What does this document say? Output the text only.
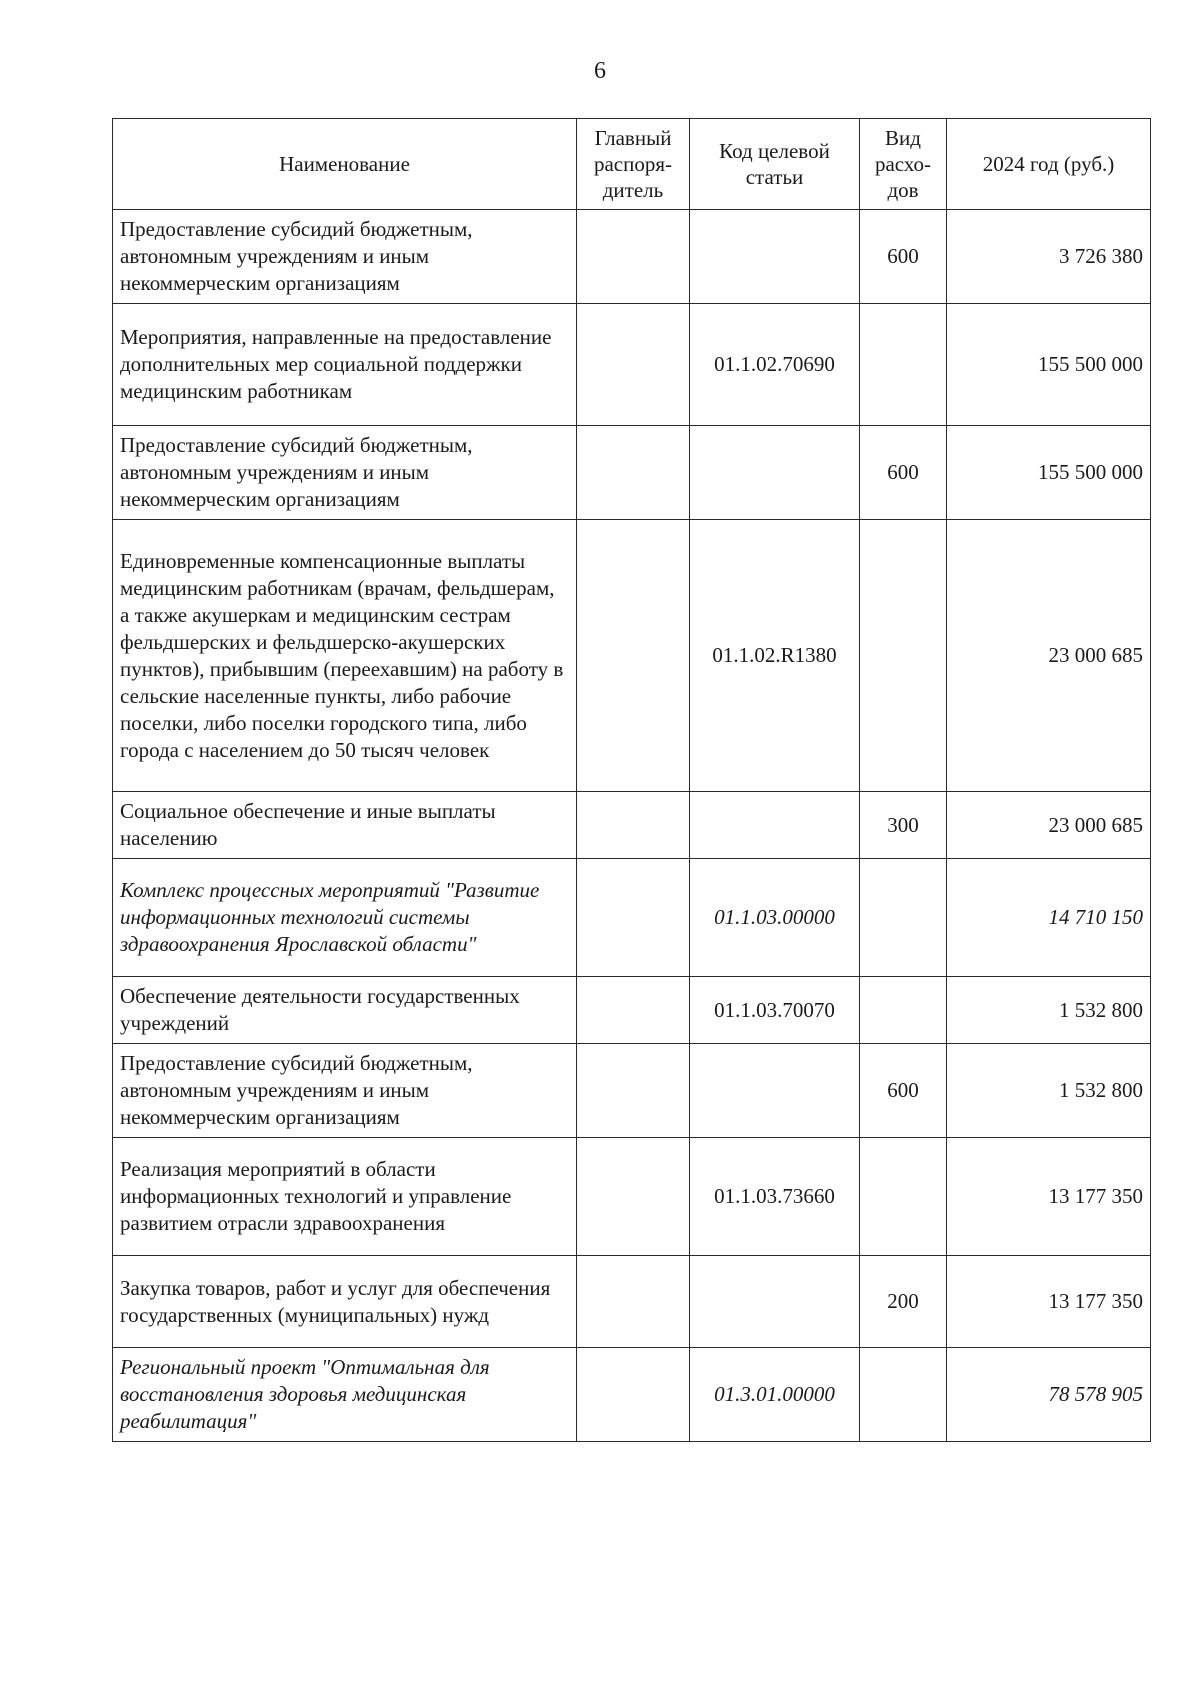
6
Наименование	Главный распоря-дитель	Код целевой статьи	Вид расхо-дов	2024 год (руб.)
Предоставление субсидий бюджетным, автономным учреждениям и иным некоммерческим организациям			600	3 726 380
Мероприятия, направленные на предоставление дополнительных мер социальной поддержки медицинским работникам		01.1.02.70690		155 500 000
Предоставление субсидий бюджетным, автономным учреждениям и иным некоммерческим организациям			600	155 500 000
Единовременные компенсационные выплаты медицинским работникам (врачам, фельдшерам, а также акушеркам и медицинским сестрам фельдшерских и фельдшерско-акушерских пунктов), прибывшим (переехавшим) на работу в сельские населенные пункты, либо рабочие поселки, либо поселки городского типа, либо города с населением до 50 тысяч человек		01.1.02.R1380		23 000 685
Социальное обеспечение и иные выплаты населению			300	23 000 685
Комплекс процессных мероприятий "Развитие информационных технологий системы здравоохранения Ярославской области"		01.1.03.00000		14 710 150
Обеспечение деятельности государственных учреждений		01.1.03.70070		1 532 800
Предоставление субсидий бюджетным, автономным учреждениям и иным некоммерческим организациям			600	1 532 800
Реализация мероприятий в области информационных технологий и управление развитием отрасли здравоохранения		01.1.03.73660		13 177 350
Закупка товаров, работ и услуг для обеспечения государственных (муниципальных) нужд			200	13 177 350
Региональный проект "Оптимальная для восстановления здоровья медицинская реабилитация"		01.3.01.00000		78 578 905
